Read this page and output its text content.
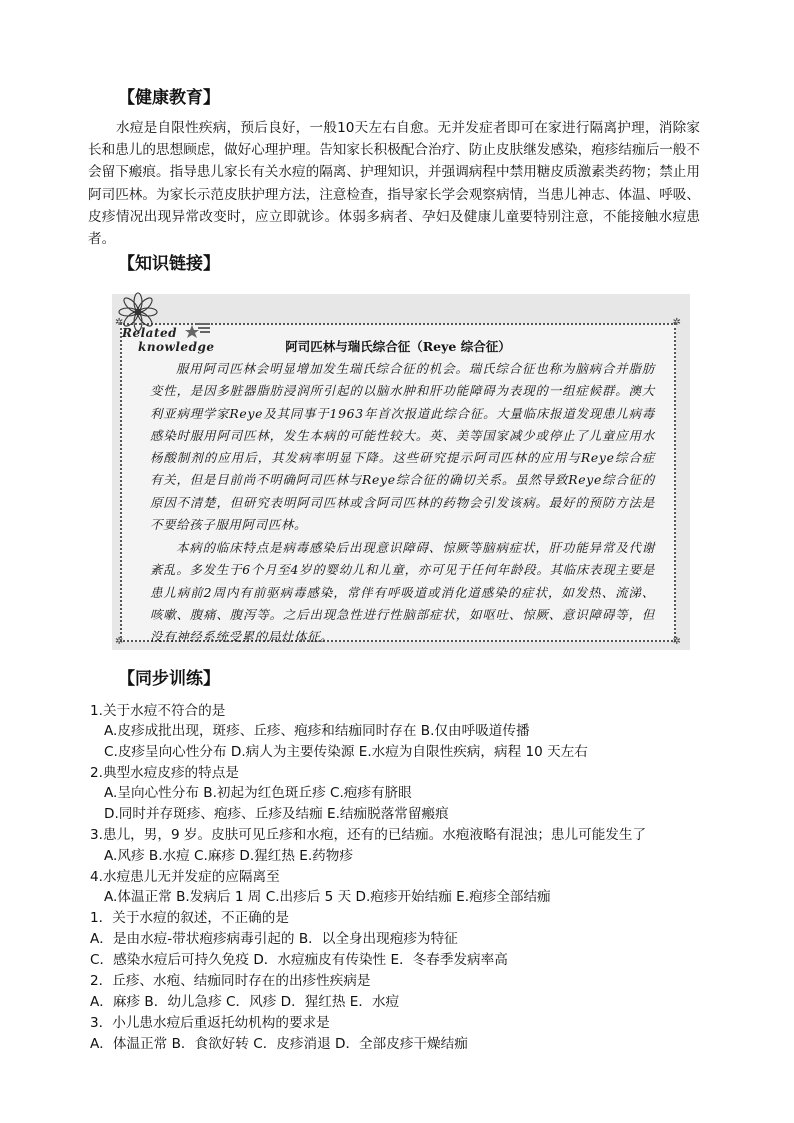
【健康教育】

水痘是自限性疾病，预后良好，一般10天左右自愈。无并发症者即可在家进行隔离护理，消除家长和患儿的思想顾虑，做好心理护理。告知家长积极配合治疗、防止皮肤继发感染，疱疹结痂后一般不会留下瘢痕。指导患儿家长有关水痘的隔离、护理知识，并强调病程中禁用糖皮质激素类药物；禁止用阿司匹林。为家长示范皮肤护理方法，注意检查，指导家长学会观察病情，当患儿神志、体温、呼吸、皮疹情况出现异常改变时，应立即就诊。体弱多病者、孕妇及健康儿童要特别注意，不能接触水痘患者。

【知识链接】
✲	✲
✲	✲
阿司匹林与瑞氏综合征（Reye 综合征）

服用阿司匹林会明显增加发生瑞氏综合征的机会。瑞氏综合征也称为脑病合并脂肪变性，是因多脏器脂肪浸润所引起的以脑水肿和肝功能障碍为表现的一组症候群。澳大利亚病理学家Reye及其同事于1963年首次报道此综合征。大量临床报道发现患儿病毒感染时服用阿司匹林，发生本病的可能性较大。英、美等国家减少或停止了儿童应用水杨酸制剂的应用后，其发病率明显下降。这些研究提示阿司匹林的应用与Reye综合症有关，但是目前尚不明确阿司匹林与Reye综合征的确切关系。虽然导致Reye综合征的原因不清楚，但研究表明阿司匹林或含阿司匹林的药物会引发该病。最好的预防方法是不要给孩子服用阿司匹林。

本病的临床特点是病毒感染后出现意识障碍、惊厥等脑病症状，肝功能异常及代谢紊乱。多发生于6个月至4岁的婴幼儿和儿童，亦可见于任何年龄段。其临床表现主要是患儿病前2周内有前驱病毒感染，常伴有呼吸道或消化道感染的症状，如发热、流涕、咳嗽、腹痛、腹泻等。之后出现急性进行性脑部症状，如呕吐、惊厥、意识障碍等，但没有神经系统受累的局灶体征。

Related
knowledge
【同步训练】
1.关于水痘不符合的是
A.皮疹成批出现，斑疹、丘疹、疱疹和结痂同时存在 B.仅由呼吸道传播
C.皮疹呈向心性分布 D.病人为主要传染源 E.水痘为自限性疾病，病程 10 天左右
2.典型水痘皮疹的特点是
A.呈向心性分布 B.初起为红色斑丘疹 C.疱疹有脐眼
D.同时并存斑疹、疱疹、丘疹及结痂 E.结痂脱落常留瘢痕
3.患儿，男，9 岁。皮肤可见丘疹和水疱，还有的已结痂。水疱液略有混浊；患儿可能发生了
A.风疹 B.水痘 C.麻疹 D.猩红热 E.药物疹
4.水痘患儿无并发症的应隔离至
A.体温正常 B.发病后 1 周 C.出疹后 5 天 D.疱疹开始结痂 E.疱疹全部结痂
1．关于水痘的叙述，不正确的是
A．是由水痘-带状疱疹病毒引起的 B．以全身出现疱疹为特征
C．感染水痘后可持久免疫 D．水痘痂皮有传染性 E．冬春季发病率高
2．丘疹、水疱、结痂同时存在的出疹性疾病是
A．麻疹 B．幼儿急疹 C．风疹 D．猩红热 E．水痘
3．小儿患水痘后重返托幼机构的要求是
A．体温正常 B．食欲好转 C．皮疹消退 D．全部皮疹干燥结痂
